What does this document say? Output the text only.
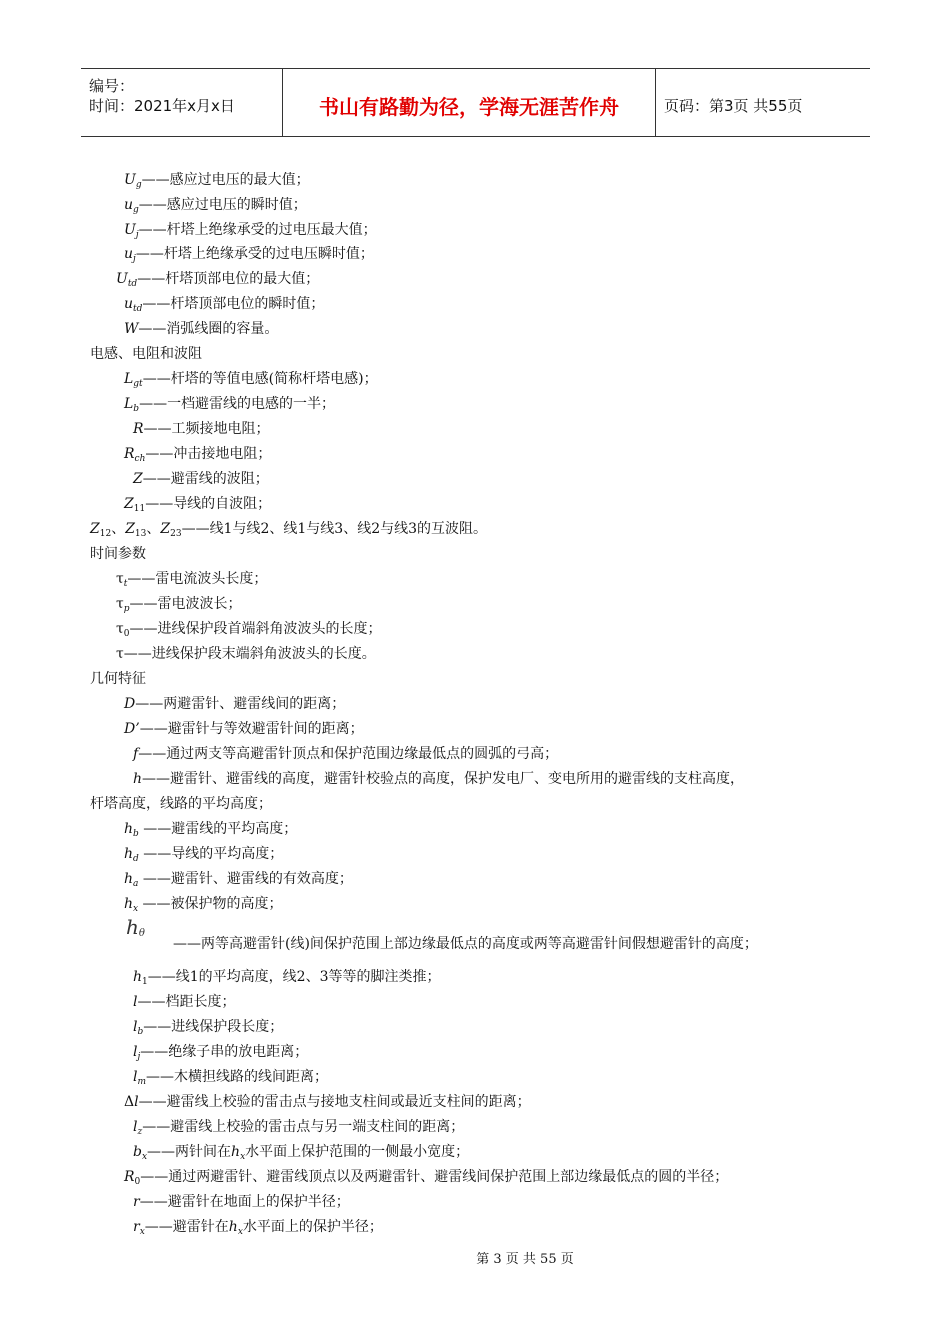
编号：
时间：2021年x月x日	书山有路勤为径，学海无涯苦作舟	页码：第3页 共55页
$U_g——$感应过电压的最大值；
$u_g——$感应过电压的瞬时值；
$U_j——$杆塔上绝缘承受的过电压最大值；
$u_j——$杆塔上绝缘承受的过电压瞬时值；
$U_{td}——$杆塔顶部电位的最大值；
$u_{td}——$杆塔顶部电位的瞬时值；
W——消弧线圈的容量。
电感、电阻和波阻
$L_{gt}——$杆塔的等值电感(简称杆塔电感)；
$L_b——$一档避雷线的电感的一半；
R——工频接地电阻；
$R_{ch}——$冲击接地电阻；
Z——避雷线的波阻；
$Z_{11}——$导线的自波阻；
$Z_{12}$、$Z_{13}$、$Z_{23}——$线1与线2、线1与线3、线2与线3的互波阻。
时间参数
$\tau_t——$雷电流波头长度；
$\tau_p——$雷电波波长；
$\tau_0——$进线保护段首端斜角波波头的长度；
τ——进线保护段末端斜角波波头的长度。
几何特征
D——两避雷针、避雷线间的距离；
D’——避雷针与等效避雷针间的距离；
f——通过两支等高避雷针顶点和保护范围边缘最低点的圆弧的弓高；
h——避雷针、避雷线的高度，避雷针校验点的高度，保护发电厂、变电所用的避雷线的支柱高度，
杆塔高度，线路的平均高度；
$h_b$ ——避雷线的平均高度；
$h_d$ ——导线的平均高度；
$h_a$ ——避雷针、避雷线的有效高度；
$h_x$ ——被保护物的高度；
——两等高避雷针(线)间保护范围上部边缘最低点的高度或两等高避雷针间假想避雷针的高度；
$h_1——$线1的平均高度，线2、3等等的脚注类推；
l——档距长度；
$l_b——$进线保护段长度；
$l_j——$绝缘子串的放电距离；
$l_m——$木横担线路的线间距离；
Δl——避雷线上校验的雷击点与接地支柱间或最近支柱间的距离；
$l_z——$避雷线上校验的雷击点与另一端支柱间的距离；
$b_x——$两针间在$h_x$水平面上保护范围的一侧最小宽度；
$R_0——$通过两避雷针、避雷线顶点以及两避雷针、避雷线间保护范围上部边缘最低点的圆的半径；
r——避雷针在地面上的保护半径；
$r_x——$避雷针在$h_x$水平面上的保护半径；
$h_\theta$
第 3 页 共 55 页
